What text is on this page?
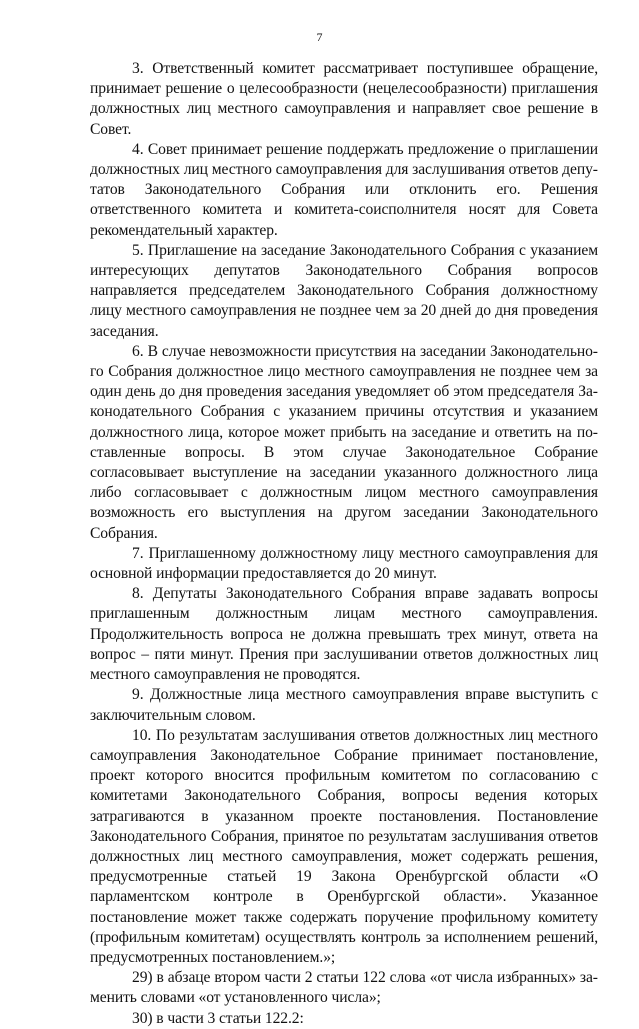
7

3. Ответственный комитет рассматривает поступившее обращение, принимает решение о целесообразности (нецелесообразности) приглашения должностных лиц местного самоуправления и направляет свое решение в Совет.

4. Совет принимает решение поддержать предложение о приглашении должностных лиц местного самоуправления для заслушивания ответов депутатов Законодательного Собрания или отклонить его. Решения ответственного комитета и комитета-соисполнителя носят для Совета рекомендательный характер.

5. Приглашение на заседание Законодательного Собрания с указанием интересующих депутатов Законодательного Собрания вопросов направляется председателем Законодательного Собрания должностному лицу местного самоуправления не позднее чем за 20 дней до дня проведения заседания.

6. В случае невозможности присутствия на заседании Законодательного Собрания должностное лицо местного самоуправления не позднее чем за один день до дня проведения заседания уведомляет об этом председателя Законодательного Собрания с указанием причины отсутствия и указанием должностного лица, которое может прибыть на заседание и ответить на поставленные вопросы. В этом случае Законодательное Собрание согласовывает выступление на заседании указанного должностного лица либо согласовывает с должностным лицом местного самоуправления возможность его выступления на другом заседании Законодательного Собрания.

7. Приглашенному должностному лицу местного самоуправления для основной информации предоставляется до 20 минут.

8. Депутаты Законодательного Собрания вправе задавать вопросы приглашенным должностным лицам местного самоуправления. Продолжительность вопроса не должна превышать трех минут, ответа на вопрос – пяти минут. Прения при заслушивании ответов должностных лиц местного самоуправления не проводятся.

9. Должностные лица местного самоуправления вправе выступить с заключительным словом.

10. По результатам заслушивания ответов должностных лиц местного самоуправления Законодательное Собрание принимает постановление, проект которого вносится профильным комитетом по согласованию с комитетами Законодательного Собрания, вопросы ведения которых затрагиваются в указанном проекте постановления. Постановление Законодательного Собрания, принятое по результатам заслушивания ответов должностных лиц местного самоуправления, может содержать решения, предусмотренные статьей 19 Закона Оренбургской области «О парламентском контроле в Оренбургской области». Указанное постановление может также содержать поручение профильному комитету (профильным комитетам) осуществлять контроль за исполнением решений, предусмотренных постановлением.»;

29) в абзаце втором части 2 статьи 122 слова «от числа избранных» заменить словами «от установленного числа»;

30) в части 3 статьи 122.2:
